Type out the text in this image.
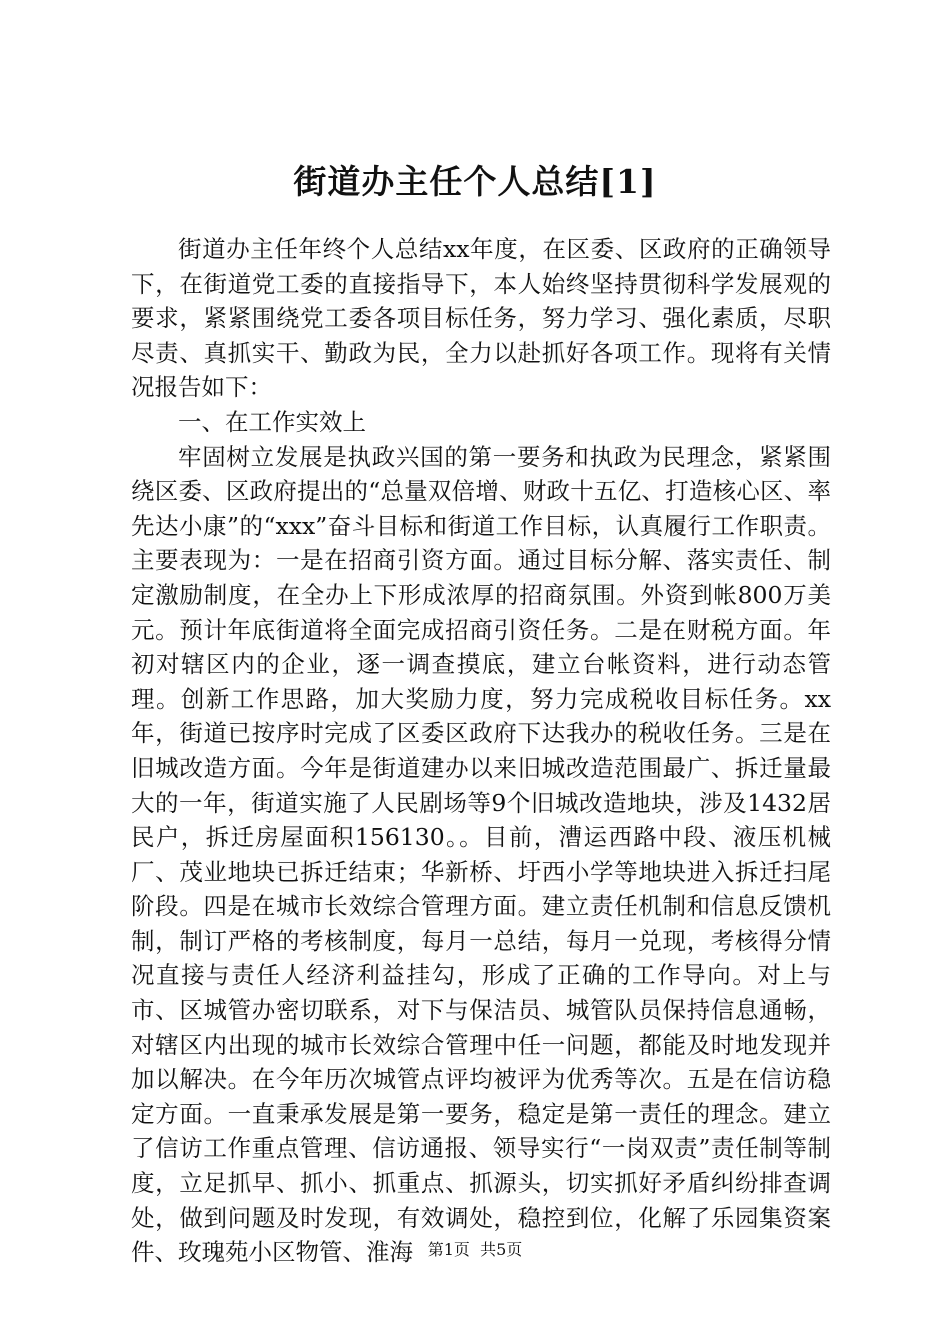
街道办主任个人总结[1]

街道办主任年终个人总结xx年度，在区委、区政府的正确领导下，在街道党工委的直接指导下，本人始终坚持贯彻科学发展观的要求，紧紧围绕党工委各项目标任务，努力学习、强化素质，尽职尽责、真抓实干、勤政为民，全力以赴抓好各项工作。现将有关情况报告如下：

一、在工作实效上

牢固树立发展是执政兴国的第一要务和执政为民理念，紧紧围绕区委、区政府提出的“总量双倍增、财政十五亿、打造核心区、率先达小康”的“xxx”奋斗目标和街道工作目标，认真履行工作职责。主要表现为：一是在招商引资方面。通过目标分解、落实责任、制定激励制度，在全办上下形成浓厚的招商氛围。外资到帐800万美元。预计年底街道将全面完成招商引资任务。二是在财税方面。年初对辖区内的企业，逐一调查摸底，建立台帐资料，进行动态管理。创新工作思路，加大奖励力度，努力完成税收目标任务。xx年，街道已按序时完成了区委区政府下达我办的税收任务。三是在旧城改造方面。今年是街道建办以来旧城改造范围最广、拆迁量最大的一年，街道实施了人民剧场等9个旧城改造地块，涉及1432居民户，拆迁房屋面积156130。。目前，漕运西路中段、液压机械厂、茂业地块已拆迁结束；华新桥、圩西小学等地块进入拆迁扫尾阶段。四是在城市长效综合管理方面。建立责任机制和信息反馈机制，制订严格的考核制度，每月一总结，每月一兑现，考核得分情况直接与责任人经济利益挂勾，形成了正确的工作导向。对上与市、区城管办密切联系，对下与保洁员、城管队员保持信息通畅，对辖区内出现的城市长效综合管理中任一问题，都能及时地发现并加以解决。在今年历次城管点评均被评为优秀等次。五是在信访稳定方面。一直秉承发展是第一要务，稳定是第一责任的理念。建立了信访工作重点管理、信访通报、领导实行“一岗双责”责任制等制度，立足抓早、抓小、抓重点、抓源头，切实抓好矛盾纠纷排查调处，做到问题及时发现，有效调处，稳控到位，化解了乐园集资案件、玫瑰苑小区物管、淮海 第1页 共5页
